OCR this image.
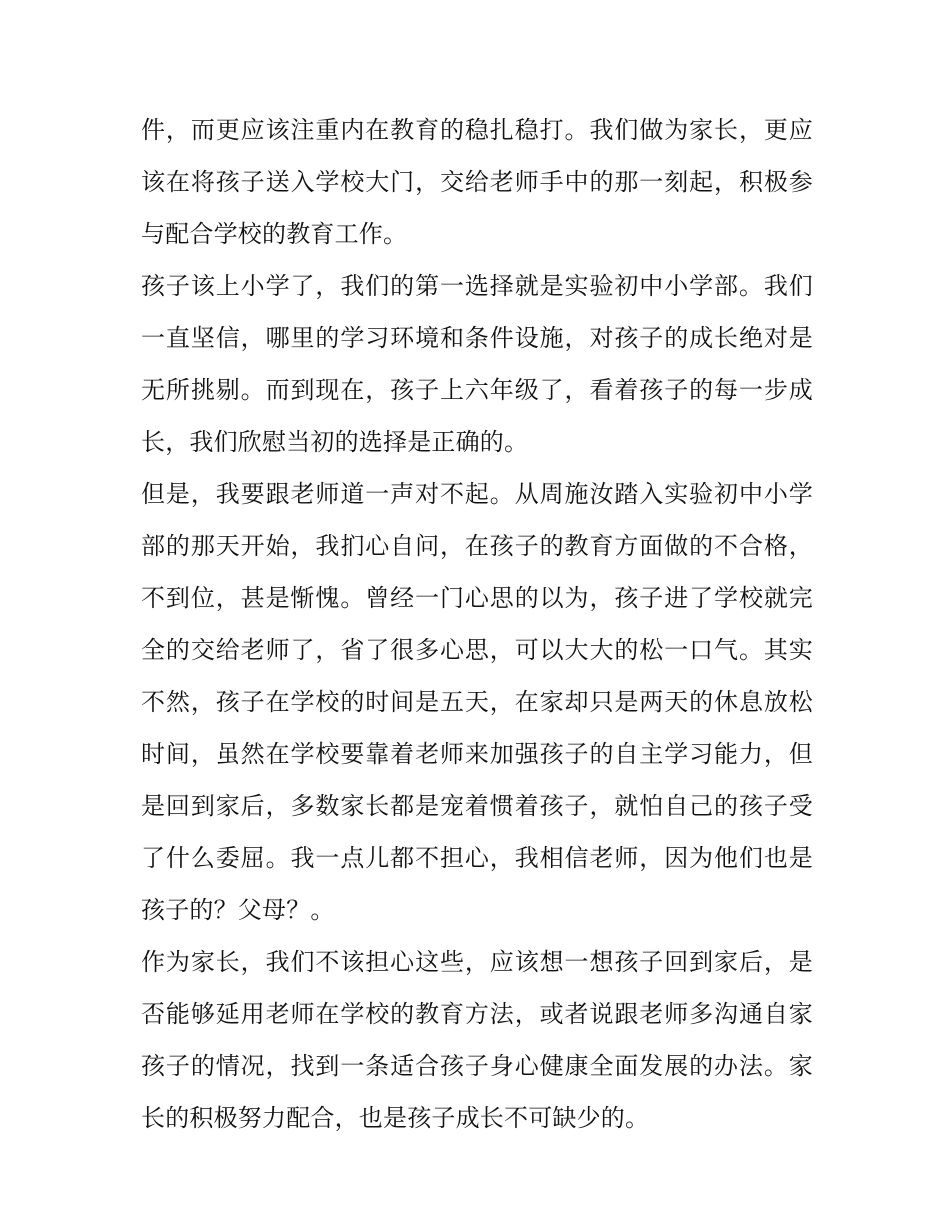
件，而更应该注重内在教育的稳扎稳打。我们做为家长，更应该在将孩子送入学校大门，交给老师手中的那一刻起，积极参与配合学校的教育工作。

孩子该上小学了，我们的第一选择就是实验初中小学部。我们一直坚信，哪里的学习环境和条件设施，对孩子的成长绝对是无所挑剔。而到现在，孩子上六年级了，看着孩子的每一步成长，我们欣慰当初的选择是正确的。

但是，我要跟老师道一声对不起。从周施汝踏入实验初中小学部的那天开始，我扪心自问，在孩子的教育方面做的不合格，不到位，甚是惭愧。曾经一门心思的以为，孩子进了学校就完全的交给老师了，省了很多心思，可以大大的松一口气。其实不然，孩子在学校的时间是五天，在家却只是两天的休息放松时间，虽然在学校要靠着老师来加强孩子的自主学习能力，但是回到家后，多数家长都是宠着惯着孩子，就怕自己的孩子受了什么委屈。我一点儿都不担心，我相信老师，因为他们也是孩子的？父母？。

作为家长，我们不该担心这些，应该想一想孩子回到家后，是否能够延用老师在学校的教育方法，或者说跟老师多沟通自家孩子的情况，找到一条适合孩子身心健康全面发展的办法。家长的积极努力配合，也是孩子成长不可缺少的。
